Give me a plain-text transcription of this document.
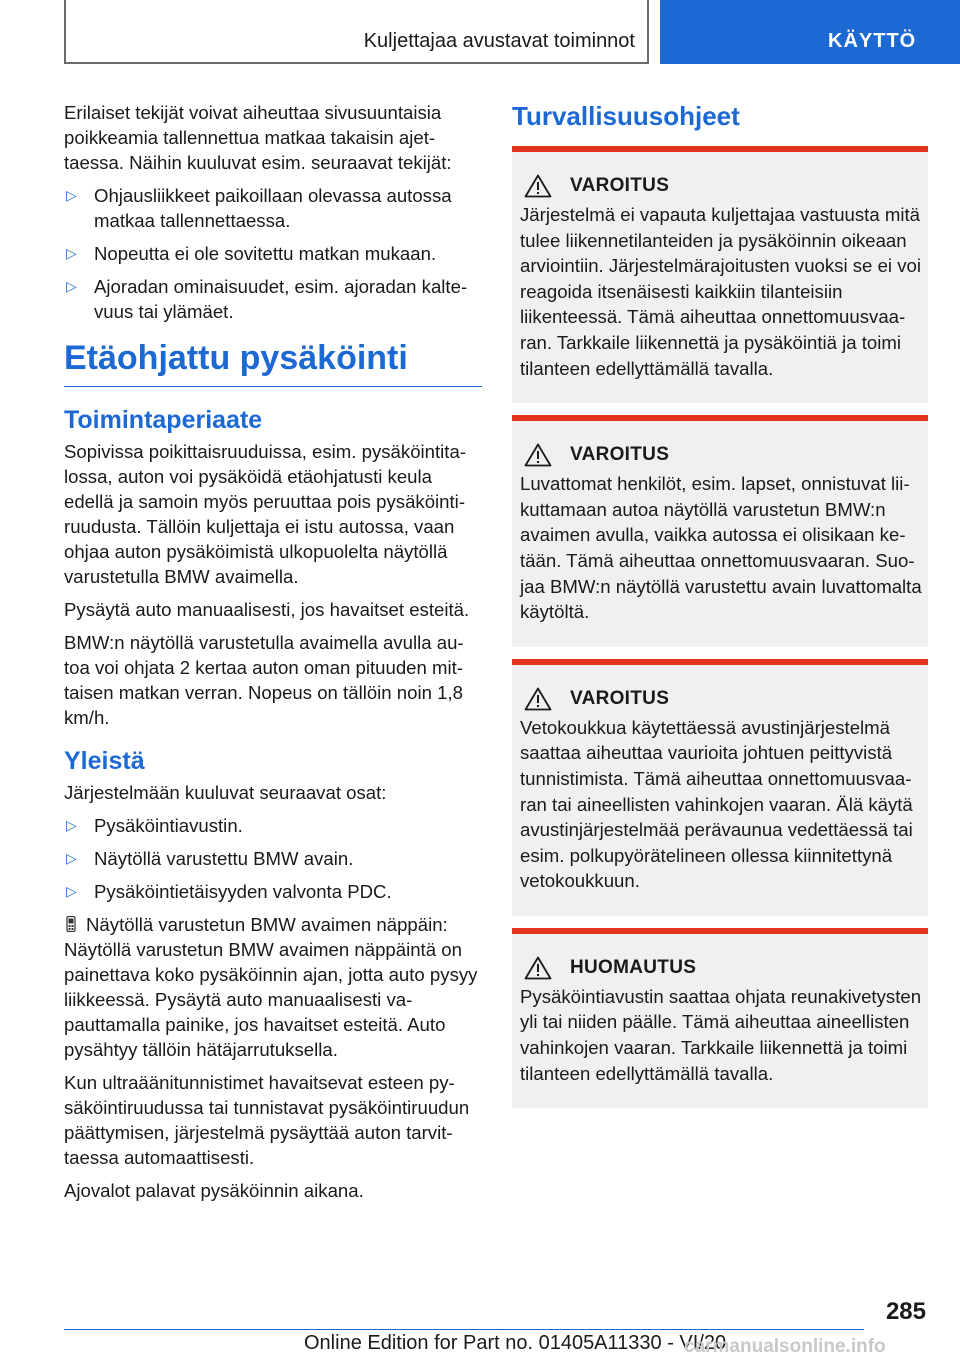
Kuljettajaa avustavat toiminnot	KÄYTTÖ

Erilaiset tekijät voivat aiheuttaa sivusuuntaisia poikkeamia tallennettua matkaa takaisin ajettaessa. Näihin kuuluvat esim. seuraavat tekijät:

▷ Ohjausliikkeet paikoillaan olevassa autossa matkaa tallennettaessa.
▷ Nopeutta ei ole sovitettu matkan mukaan.
▷ Ajoradan ominaisuudet, esim. ajoradan kaltevuus tai ylämäet.
Etäohjattu pysäköinti
Toimintaperiaate

Sopivissa poikittaisruuduissa, esim. pysäköintitalossa, auton voi pysäköidä etäohjatusti keula edellä ja samoin myös peruuttaa pois pysäköintiruudusta. Tällöin kuljettaja ei istu autossa, vaan ohjaa auton pysäköimistä ulkopuolelta näytöllä varustetulla BMW avaimella.

Pysäytä auto manuaalisesti, jos havaitset esteitä.

BMW:n näytöllä varustetulla avaimella avulla autoa voi ohjata 2 kertaa auton oman pituuden mittaisen matkan verran. Nopeus on tällöin noin 1,8 km/h.

Yleistä

Järjestelmään kuuluvat seuraavat osat:

▷ Pysäköintiavustin.
▷ Näytöllä varustettu BMW avain.
▷ Pysäköintietäisyyden valvonta PDC.

Näytöllä varustetun BMW avaimen näppäin:

Näytöllä varustetun BMW avaimen näppäintä on painettava koko pysäköinnin ajan, jotta auto pysyy liikkeessä. Pysäytä auto manuaalisesti vapauttamalla painike, jos havaitset esteitä. Auto pysähtyy tällöin hätäjarrutuksella.

Kun ultraäänitunnistimet havaitsevat esteen pysäköintiruudussa tai tunnistavat pysäköintiruudun päättymisen, järjestelmä pysäyttää auton tarvittaessa automaattisesti.

Ajovalot palavat pysäköinnin aikana.

Turvallisuusohjeet
VAROITUS
Järjestelmä ei vapauta kuljettajaa vastuusta mitä tulee liikennetilanteiden ja pysäköinnin oikeaan arviointiin. Järjestelmärajoitusten vuoksi se ei voi reagoida itsenäisesti kaikkiin tilanteisiin liikenteessä. Tämä aiheuttaa onnettomuusvaaran. Tarkkaile liikennettä ja pysäköintiä ja toimi tilanteen edellyttämällä tavalla.
VAROITUS
Luvattomat henkilöt, esim. lapset, onnistuvat liikuttamaan autoa näytöllä varustetun BMW:n avaimen avulla, vaikka autossa ei olisikaan ketään. Tämä aiheuttaa onnettomuusvaaran. Suojaa BMW:n näytöllä varustettu avain luvattomalta käytöltä.
VAROITUS
Vetokoukkua käytettäessä avustinjärjestelmä saattaa aiheuttaa vaurioita johtuen peittyvistä tunnistimista. Tämä aiheuttaa onnettomuusvaaran tai aineellisten vahinkojen vaaran. Älä käytä avustinjärjestelmää perävaunua vedettäessä tai esim. polkupyörätelineen ollessa kiinnitettynä vetokoukkuun.
HUOMAUTUS
Pysäköintiavustin saattaa ohjata reunakivetysten yli tai niiden päälle. Tämä aiheuttaa aineellisten vahinkojen vaaran. Tarkkaile liikennettä ja toimi tilanteen edellyttämällä tavalla.
285
Online Edition for Part no. 01405A11330 - VI/20
carmanualsonline.info
